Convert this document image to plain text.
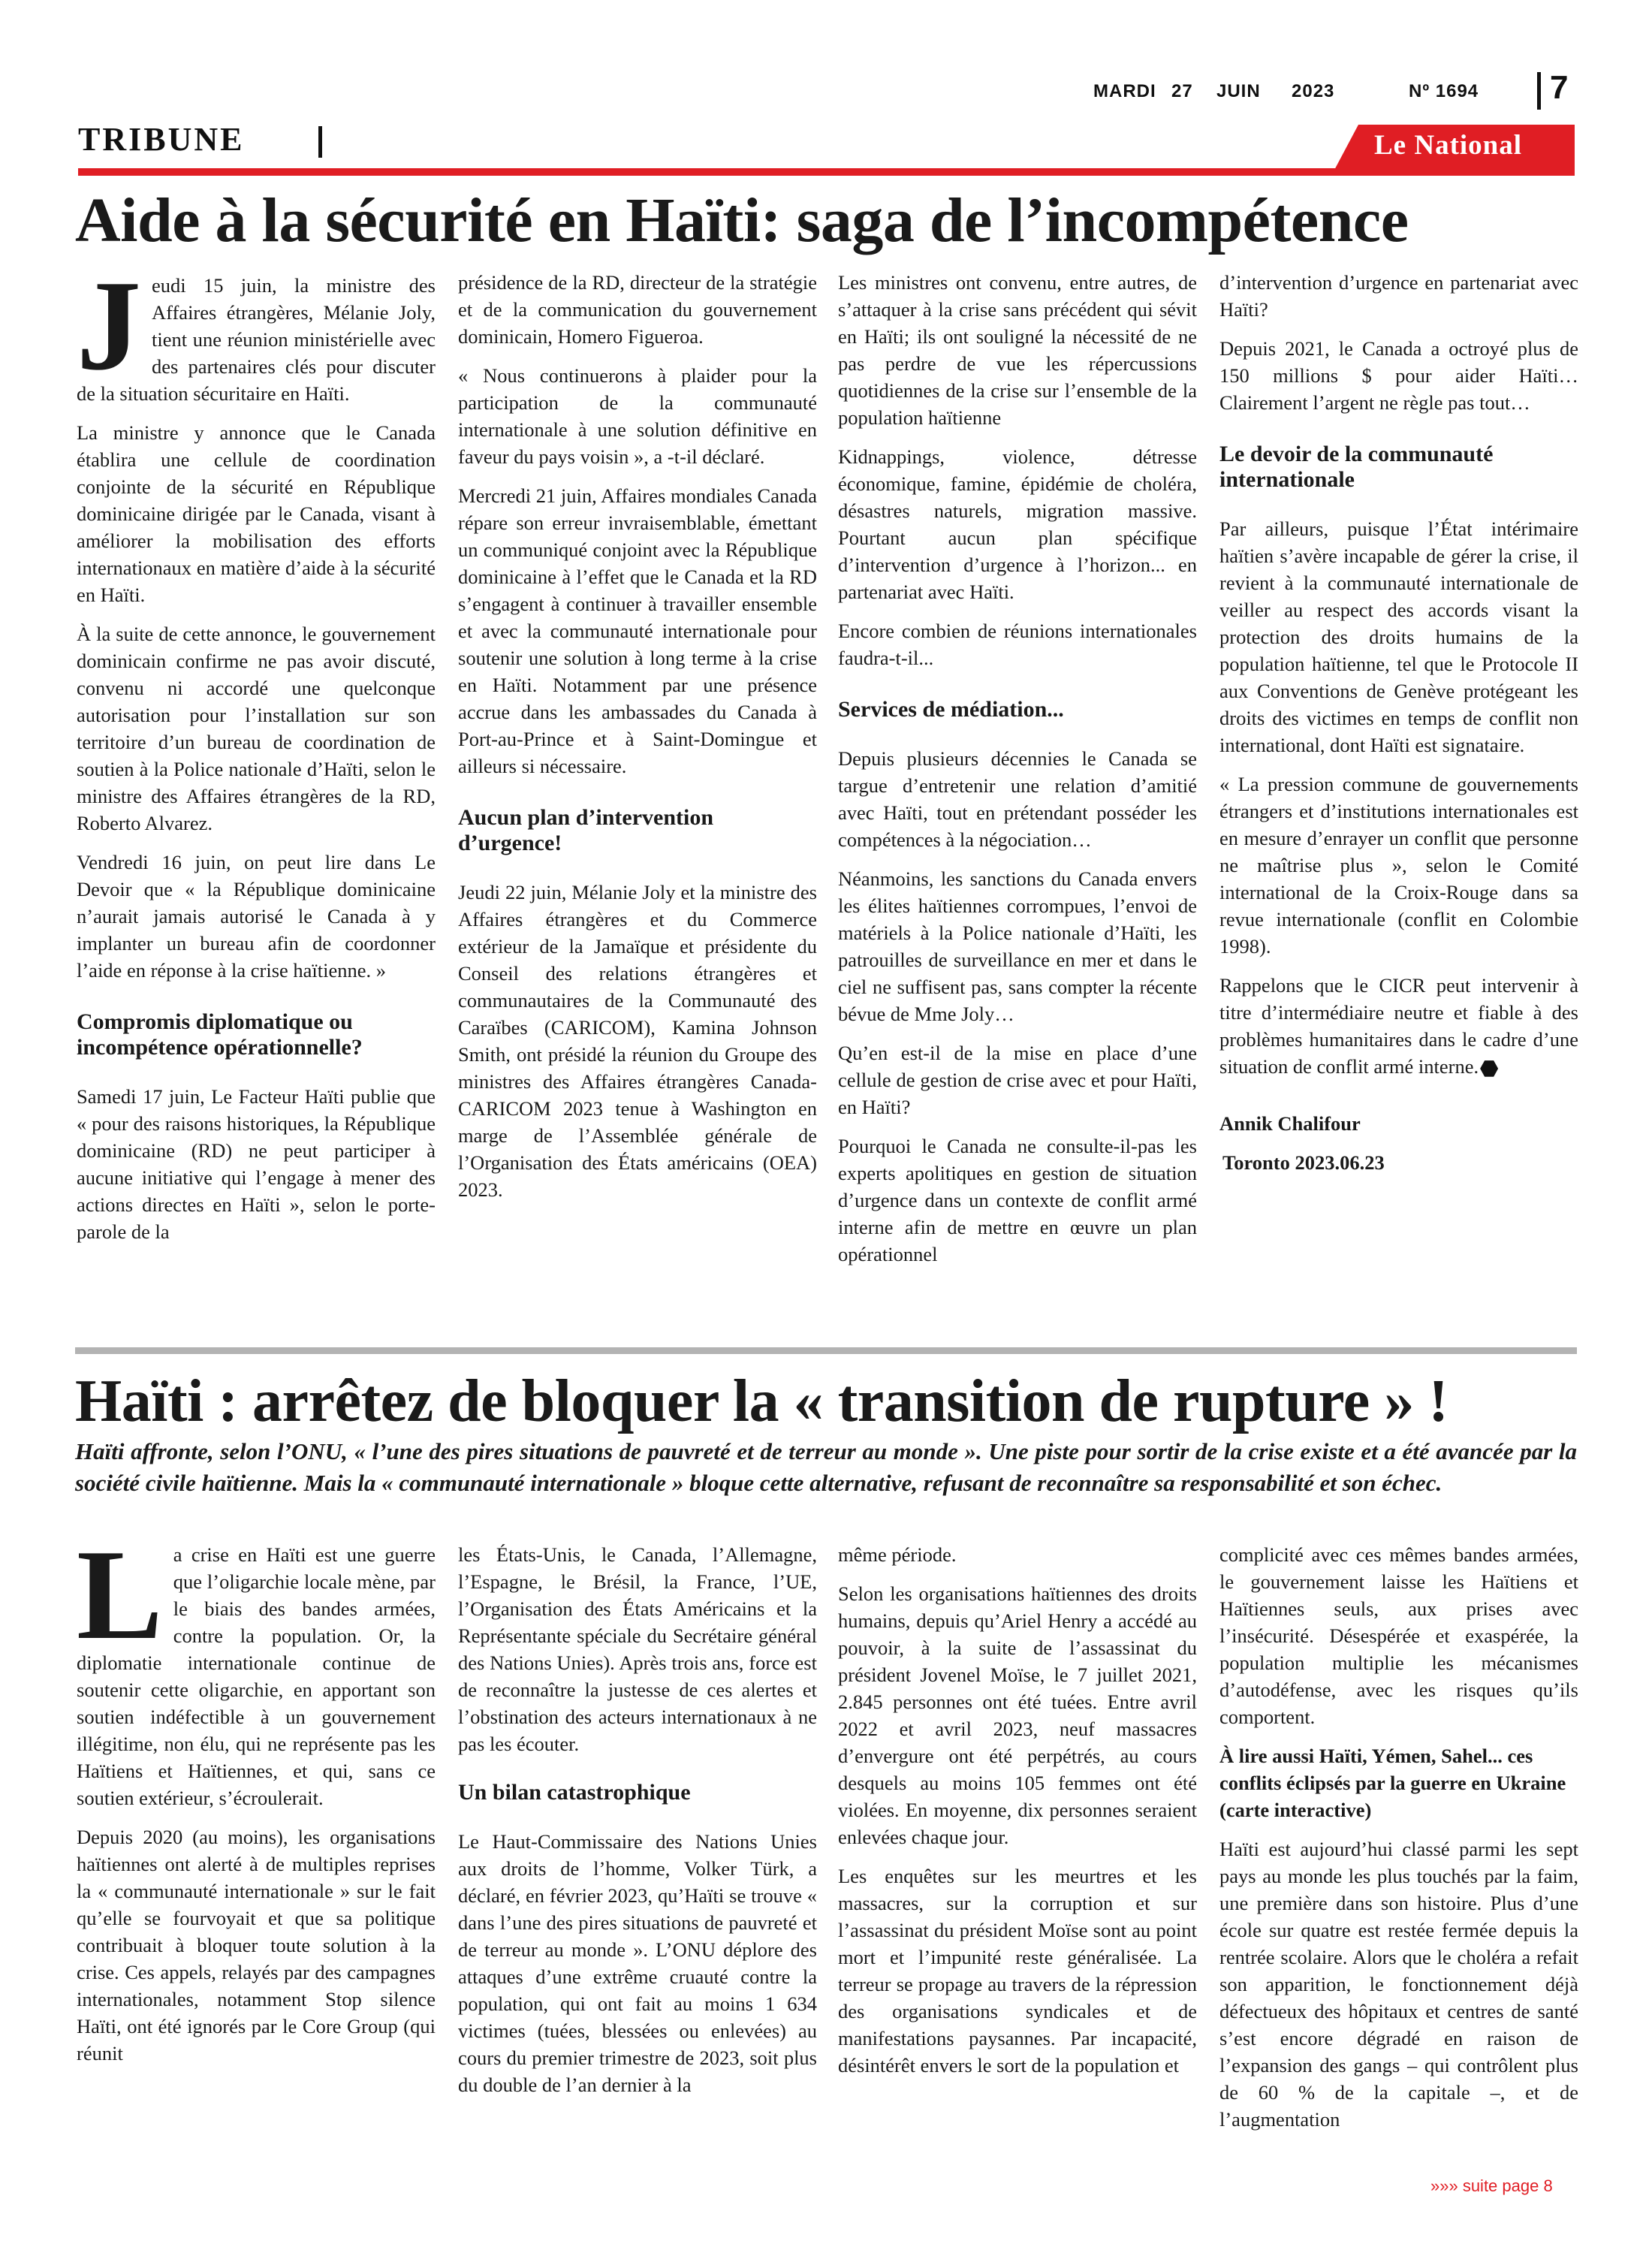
MARDI 27 JUIN 2023	Nº 1694 7
TRIBUNE	Le National
Aide à la sécurité en Haïti: saga de l’incompétence
J eudi 15 juin, la ministre des Affaires étrangères, Mélanie Joly, tient une réunion ministérielle avec des partenaires clés pour discuter de la situation sécuritaire en Haïti.

La ministre y annonce que le Canada établira une cellule de coordination conjointe de la sécurité en République dominicaine dirigée par le Canada, visant à améliorer la mobilisation des efforts internationaux en matière d’aide à la sécurité en Haïti.

À la suite de cette annonce, le gouvernement dominicain confirme ne pas avoir discuté, convenu ni accordé une quelconque autorisation pour l’installation sur son territoire d’un bureau de coordination de soutien à la Police nationale d’Haïti, selon le ministre des Affaires étrangères de la RD, Roberto Alvarez.

Vendredi 16 juin, on peut lire dans Le Devoir que « la République dominicaine n’aurait jamais autorisé le Canada à y implanter un bureau afin de coordonner l’aide en réponse à la crise haïtienne. »

Compromis diplomatique ou incompétence opérationnelle?

Samedi 17 juin, Le Facteur Haïti publie que « pour des raisons historiques, la République dominicaine (RD) ne peut participer à aucune initiative qui l’engage à mener des actions directes en Haïti », selon le porte-parole de la

présidence de la RD, directeur de la stratégie et de la communication du gouvernement dominicain, Homero Figueroa.

« Nous continuerons à plaider pour la participation de la communauté internationale à une solution définitive en faveur du pays voisin », a -t-il déclaré.

Mercredi 21 juin, Affaires mondiales Canada répare son erreur invraisemblable, émettant un communiqué conjoint avec la République dominicaine à l’effet que le Canada et la RD s’engagent à continuer à travailler ensemble et avec la communauté internationale pour soutenir une solution à long terme à la crise en Haïti. Notamment par une présence accrue dans les ambassades du Canada à Port-au-Prince et à Saint-Domingue et ailleurs si nécessaire.

Aucun plan d’intervention d’urgence!

Jeudi 22 juin, Mélanie Joly et la ministre des Affaires étrangères et du Commerce extérieur de la Jamaïque et présidente du Conseil des relations étrangères et communautaires de la Communauté des Caraïbes (CARICOM), Kamina Johnson Smith, ont présidé la réunion du Groupe des ministres des Affaires étrangères Canada-CARICOM 2023 tenue à Washington en marge de l’Assemblée générale de l’Organisation des États américains (OEA) 2023.

Les ministres ont convenu, entre autres, de s’attaquer à la crise sans précédent qui sévit en Haïti; ils ont souligné la nécessité de ne pas perdre de vue les répercussions quotidiennes de la crise sur l’ensemble de la population haïtienne

Kidnappings, violence, détresse économique, famine, épidémie de choléra, désastres naturels, migration massive. Pourtant aucun plan spécifique d’intervention d’urgence à l’horizon... en partenariat avec Haïti.

Encore combien de réunions internationales faudra-t-il...

Services de médiation...

Depuis plusieurs décennies le Canada se targue d’entretenir une relation d’amitié avec Haïti, tout en prétendant posséder les compétences à la négociation…

Néanmoins, les sanctions du Canada envers les élites haïtiennes corrompues, l’envoi de matériels à la Police nationale d’Haïti, les patrouilles de surveillance en mer et dans le ciel ne suffisent pas, sans compter la récente bévue de Mme Joly…

Qu’en est-il de la mise en place d’une cellule de gestion de crise avec et pour Haïti, en Haïti?

Pourquoi le Canada ne consulte-il-pas les experts apolitiques en gestion de situation d’urgence dans un contexte de conflit armé interne afin de mettre en œuvre un plan opérationnel

d’intervention d’urgence en partenariat avec Haïti?

Depuis 2021, le Canada a octroyé plus de 150 millions $ pour aider Haïti… Clairement l’argent ne règle pas tout…

Le devoir de la communauté internationale

Par ailleurs, puisque l’État intérimaire haïtien s’avère incapable de gérer la crise, il revient à la communauté internationale de veiller au respect des accords visant la protection des droits humains de la population haïtienne, tel que le Protocole II aux Conventions de Genève protégeant les droits des victimes en temps de conflit non international, dont Haïti est signataire.

« La pression commune de gouvernements étrangers et d’institutions internationales est en mesure d’enrayer un conflit que personne ne maîtrise plus », selon le Comité international de la Croix-Rouge dans sa revue internationale (conflit en Colombie 1998).

Rappelons que le CICR peut intervenir à titre d’intermédiaire neutre et fiable à des problèmes humanitaires dans le cadre d’une situation de conflit armé interne.

Annik Chalifour

Toronto 2023.06.23

Haïti : arrêtez de bloquer la « transition de rupture » !

Haïti affronte, selon l’ONU, « l’une des pires situations de pauvreté et de terreur au monde ». Une piste pour sortir de la crise existe et a été avancée par la société civile haïtienne. Mais la « communauté internationale » bloque cette alternative, refusant de reconnaître sa responsabilité et son échec.

L a crise en Haïti est une guerre que l’oligarchie locale mène, par le biais des bandes armées, contre la population. Or, la diplomatie internationale continue de soutenir cette oligarchie, en apportant son soutien indéfectible à un gouvernement illégitime, non élu, qui ne représente pas les Haïtiens et Haïtiennes, et qui, sans ce soutien extérieur, s’écroulerait.

Depuis 2020 (au moins), les organisations haïtiennes ont alerté à de multiples reprises la « communauté internationale » sur le fait qu’elle se fourvoyait et que sa politique contribuait à bloquer toute solution à la crise. Ces appels, relayés par des campagnes internationales, notamment Stop silence Haïti, ont été ignorés par le Core Group (qui réunit

les États-Unis, le Canada, l’Allemagne, l’Espagne, le Brésil, la France, l’UE, l’Organisation des États Américains et la Représentante spéciale du Secrétaire général des Nations Unies). Après trois ans, force est de reconnaître la justesse de ces alertes et l’obstination des acteurs internationaux à ne pas les écouter.

Un bilan catastrophique

Le Haut-Commissaire des Nations Unies aux droits de l’homme, Volker Türk, a déclaré, en février 2023, qu’Haïti se trouve « dans l’une des pires situations de pauvreté et de terreur au monde ». L’ONU déplore des attaques d’une extrême cruauté contre la population, qui ont fait au moins 1 634 victimes (tuées, blessées ou enlevées) au cours du premier trimestre de 2023, soit plus du double de l’an dernier à la

même période.

Selon les organisations haïtiennes des droits humains, depuis qu’Ariel Henry a accédé au pouvoir, à la suite de l’assassinat du président Jovenel Moïse, le 7 juillet 2021, 2.845 personnes ont été tuées. Entre avril 2022 et avril 2023, neuf massacres d’envergure ont été perpétrés, au cours desquels au moins 105 femmes ont été violées. En moyenne, dix personnes seraient enlevées chaque jour.

Les enquêtes sur les meurtres et les massacres, sur la corruption et sur l’assassinat du président Moïse sont au point mort et l’impunité reste généralisée. La terreur se propage au travers de la répression des organisations syndicales et de manifestations paysannes. Par incapacité, désintérêt envers le sort de la population et

complicité avec ces mêmes bandes armées, le gouvernement laisse les Haïtiens et Haïtiennes seuls, aux prises avec l’insécurité. Désespérée et exaspérée, la population multiplie les mécanismes d’autodéfense, avec les risques qu’ils comportent.

À lire aussi Haïti, Yémen, Sahel... ces conflits éclipsés par la guerre en Ukraine (carte interactive)

Haïti est aujourd’hui classé parmi les sept pays au monde les plus touchés par la faim, une première dans son histoire. Plus d’une école sur quatre est restée fermée depuis la rentrée scolaire. Alors que le choléra a refait son apparition, le fonctionnement déjà défectueux des hôpitaux et centres de santé s’est encore dégradé en raison de l’expansion des gangs – qui contrôlent plus de 60 % de la capitale –, et de l’augmentation

»»» suite page 8
